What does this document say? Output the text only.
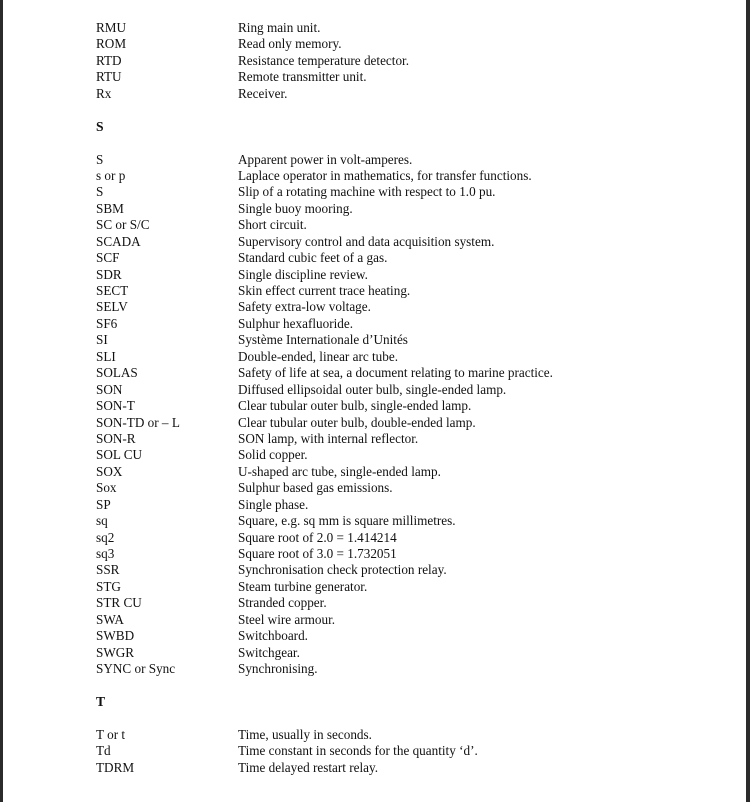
RMU	Ring main unit.
ROM	Read only memory.
RTD	Resistance temperature detector.
RTU	Remote transmitter unit.
Rx	Receiver.
S
S	Apparent power in volt-amperes.
s or p	Laplace operator in mathematics, for transfer functions.
S	Slip of a rotating machine with respect to 1.0 pu.
SBM	Single buoy mooring.
SC or S/C	Short circuit.
SCADA	Supervisory control and data acquisition system.
SCF	Standard cubic feet of a gas.
SDR	Single discipline review.
SECT	Skin effect current trace heating.
SELV	Safety extra-low voltage.
SF6	Sulphur hexafluoride.
SI	Système Internationale d’Unités
SLI	Double-ended, linear arc tube.
SOLAS	Safety of life at sea, a document relating to marine practice.
SON	Diffused ellipsoidal outer bulb, single-ended lamp.
SON-T	Clear tubular outer bulb, single-ended lamp.
SON-TD or – L	Clear tubular outer bulb, double-ended lamp.
SON-R	SON lamp, with internal reflector.
SOL CU	Solid copper.
SOX	U-shaped arc tube, single-ended lamp.
Sox	Sulphur based gas emissions.
SP	Single phase.
sq	Square, e.g. sq mm is square millimetres.
sq2	Square root of 2.0 = 1.414214
sq3	Square root of 3.0 = 1.732051
SSR	Synchronisation check protection relay.
STG	Steam turbine generator.
STR CU	Stranded copper.
SWA	Steel wire armour.
SWBD	Switchboard.
SWGR	Switchgear.
SYNC or Sync	Synchronising.
T
T or t	Time, usually in seconds.
Td	Time constant in seconds for the quantity ‘d’.
TDRM	Time delayed restart relay.
